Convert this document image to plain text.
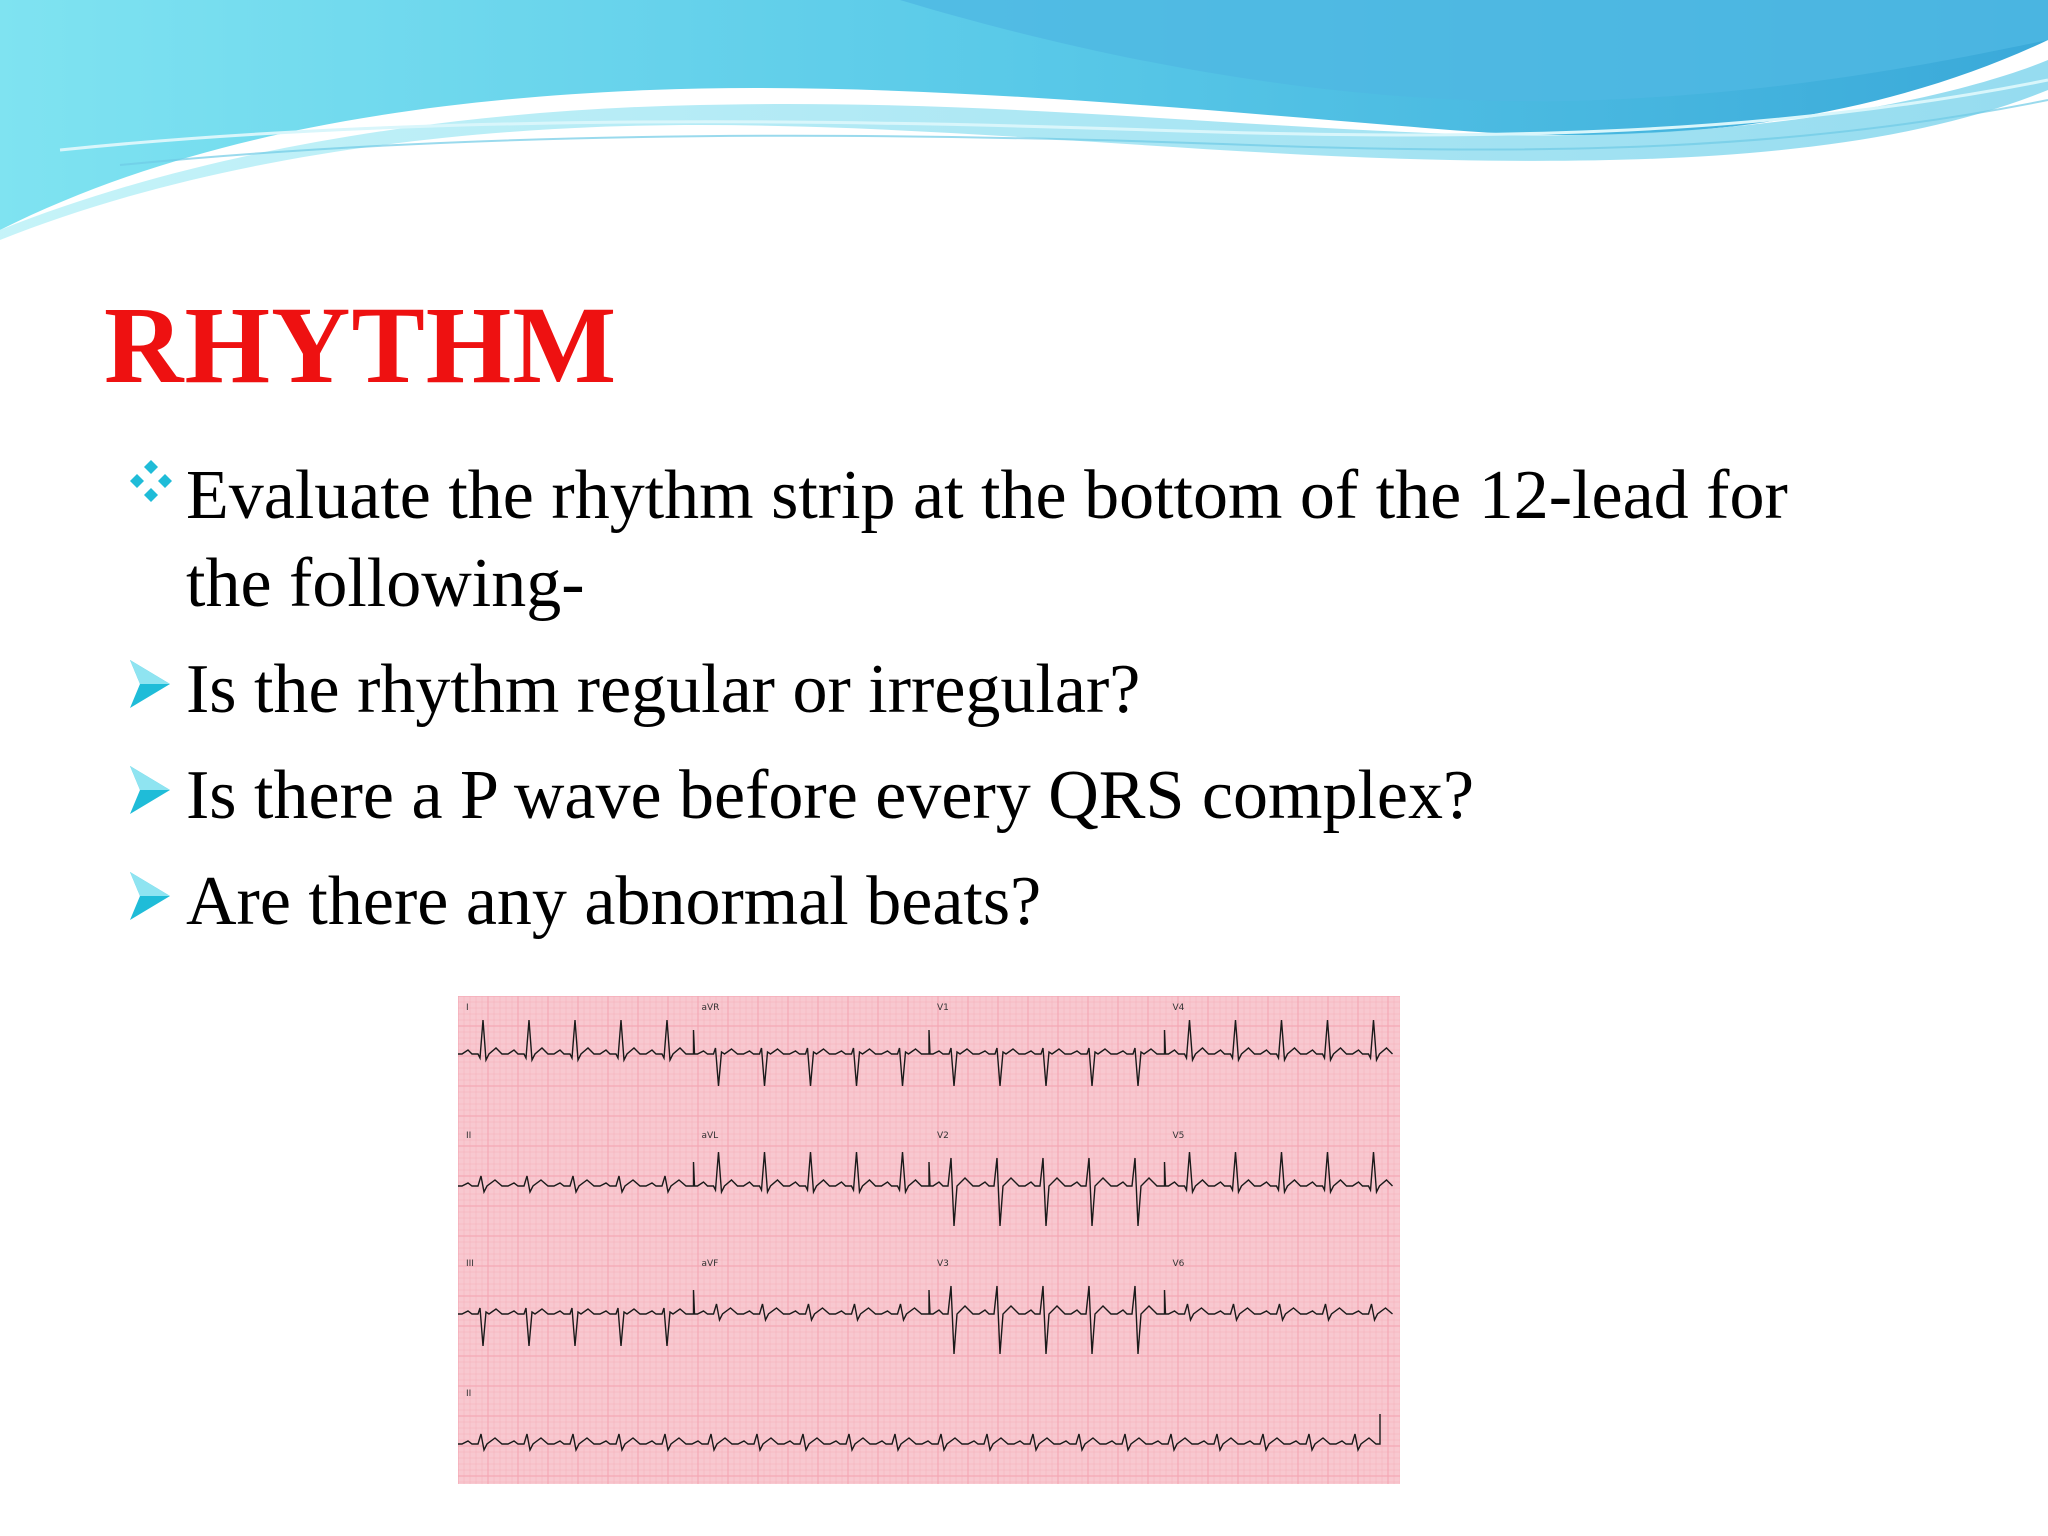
RHYTHM
Evaluate the rhythm strip at the bottom of the 12-lead for
the following-
Is the rhythm regular or irregular?
Is there a P wave before every QRS complex?
Are there any abnormal beats?
I	aVR	V1	V4
II	aVL	V2	V5
III	aVF	V3	V6
II
